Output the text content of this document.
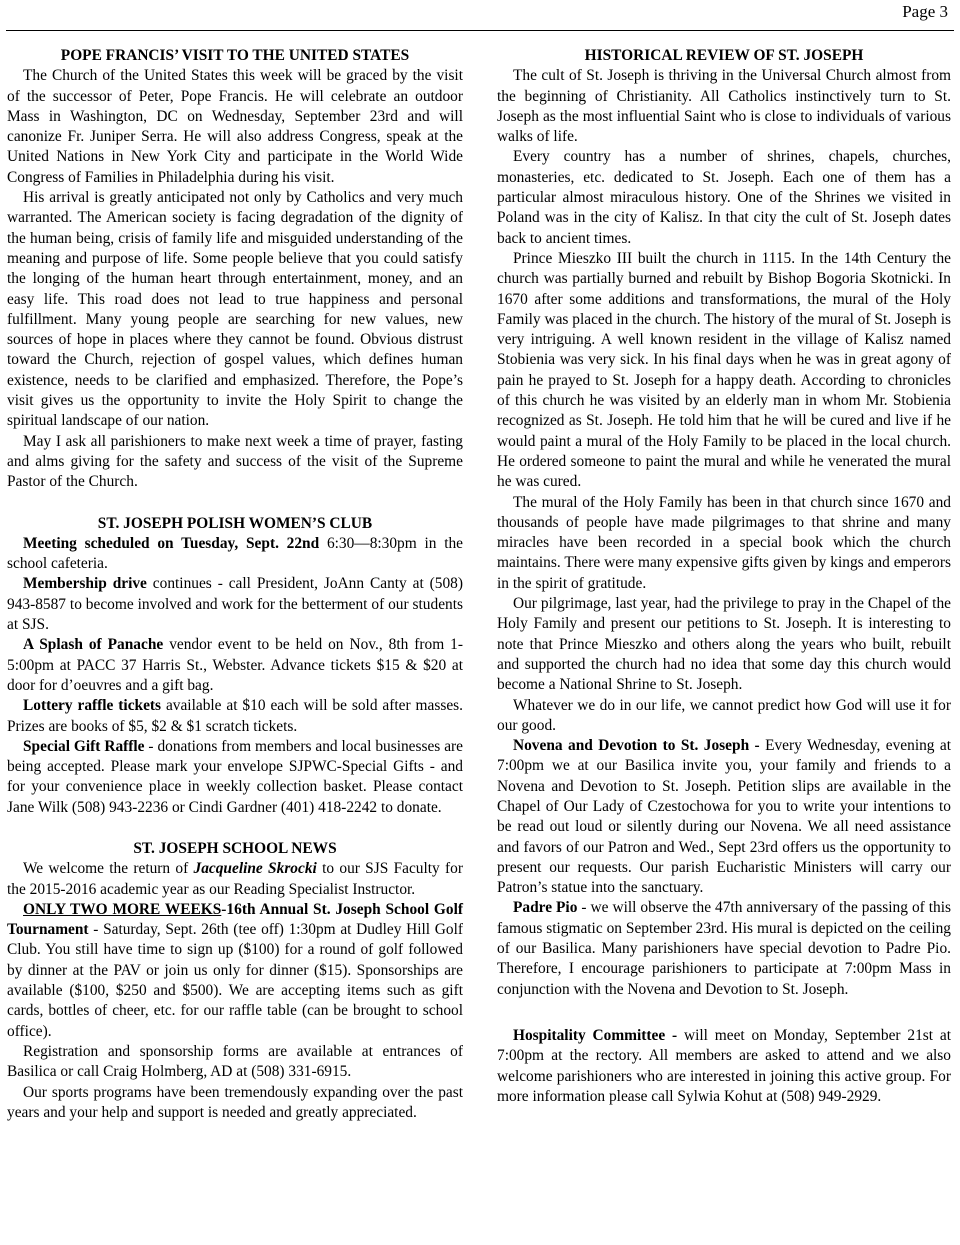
Page 3
POPE FRANCIS’ VISIT TO THE UNITED STATES

The Church of the United States this week will be graced by the visit of the successor of Peter, Pope Francis. He will celebrate an outdoor Mass in Washington, DC on Wednesday, September 23rd and will canonize Fr. Juniper Serra. He will also address Congress, speak at the United Nations in New York City and participate in the World Wide Congress of Families in Philadelphia during his visit.

His arrival is greatly anticipated not only by Catholics and very much warranted. The American society is facing degradation of the dignity of the human being, crisis of family life and misguided understanding of the meaning and purpose of life. Some people believe that you could satisfy the longing of the human heart through entertainment, money, and an easy life. This road does not lead to true happiness and personal fulfillment. Many young people are searching for new values, new sources of hope in places where they cannot be found. Obvious distrust toward the Church, rejection of gospel values, which defines human existence, needs to be clarified and emphasized. Therefore, the Pope’s visit gives us the opportunity to invite the Holy Spirit to change the spiritual landscape of our nation.

May I ask all parishioners to make next week a time of prayer, fasting and alms giving for the safety and success of the visit of the Supreme Pastor of the Church.

ST. JOSEPH POLISH WOMEN’S CLUB

Meeting scheduled on Tuesday, Sept. 22nd 6:30—8:30pm in the school cafeteria.

Membership drive continues - call President, JoAnn Canty at (508) 943-8587 to become involved and work for the betterment of our students at SJS.

A Splash of Panache vendor event to be held on Nov., 8th from 1-5:00pm at PACC 37 Harris St., Webster. Advance tickets $15 & $20 at door for d’oeuvres and a gift bag.

Lottery raffle tickets available at $10 each will be sold after masses. Prizes are books of $5, $2 & $1 scratch tickets.

Special Gift Raffle - donations from members and local businesses are being accepted. Please mark your envelope SJPWC-Special Gifts - and for your convenience place in weekly collection basket. Please contact Jane Wilk (508) 943-2236 or Cindi Gardner (401) 418-2242 to donate.

ST. JOSEPH SCHOOL NEWS

We welcome the return of Jacqueline Skrocki to our SJS Faculty for the 2015-2016 academic year as our Reading Specialist Instructor.

ONLY TWO MORE WEEKS-16th Annual St. Joseph School Golf Tournament - Saturday, Sept. 26th (tee off) 1:30pm at Dudley Hill Golf Club. You still have time to sign up ($100) for a round of golf followed by dinner at the PAV or join us only for dinner ($15). Sponsorships are available ($100, $250 and $500). We are accepting items such as gift cards, bottles of cheer, etc. for our raffle table (can be brought to school office).

Registration and sponsorship forms are available at entrances of Basilica or call Craig Holmberg, AD at (508) 331-6915.

Our sports programs have been tremendously expanding over the past years and your help and support is needed and greatly appreciated.

HISTORICAL REVIEW OF ST. JOSEPH

The cult of St. Joseph is thriving in the Universal Church almost from the beginning of Christianity. All Catholics instinctively turn to St. Joseph as the most influential Saint who is close to individuals of various walks of life.

Every country has a number of shrines, chapels, churches, monasteries, etc. dedicated to St. Joseph. Each one of them has a particular almost miraculous history. One of the Shrines we visited in Poland was in the city of Kalisz. In that city the cult of St. Joseph dates back to ancient times.

Prince Mieszko III built the church in 1115. In the 14th Century the church was partially burned and rebuilt by Bishop Bogoria Skotnicki. In 1670 after some additions and transformations, the mural of the Holy Family was placed in the church. The history of the mural of St. Joseph is very intriguing. A well known resident in the village of Kalisz named Stobienia was very sick. In his final days when he was in great agony of pain he prayed to St. Joseph for a happy death. According to chronicles of this church he was visited by an elderly man in whom Mr. Stobienia recognized as St. Joseph. He told him that he will be cured and live if he would paint a mural of the Holy Family to be placed in the local church. He ordered someone to paint the mural and while he venerated the mural he was cured.

The mural of the Holy Family has been in that church since 1670 and thousands of people have made pilgrimages to that shrine and many miracles have been recorded in a special book which the church maintains. There were many expensive gifts given by kings and emperors in the spirit of gratitude.

Our pilgrimage, last year, had the privilege to pray in the Chapel of the Holy Family and present our petitions to St. Joseph. It is interesting to note that Prince Mieszko and others along the years who built, rebuilt and supported the church had no idea that some day this church would become a National Shrine to St. Joseph.

Whatever we do in our life, we cannot predict how God will use it for our good.

Novena and Devotion to St. Joseph - Every Wednesday, evening at 7:00pm we at our Basilica invite you, your family and friends to a Novena and Devotion to St. Joseph. Petition slips are available in the Chapel of Our Lady of Czestochowa for you to write your intentions to be read out loud or silently during our Novena. We all need assistance and favors of our Patron and Wed., Sept 23rd offers us the opportunity to present our requests. Our parish Eucharistic Ministers will carry our Patron’s statue into the sanctuary.

Padre Pio - we will observe the 47th anniversary of the passing of this famous stigmatic on September 23rd. His mural is depicted on the ceiling of our Basilica. Many parishioners have special devotion to Padre Pio. Therefore, I encourage parishioners to participate at 7:00pm Mass in conjunction with the Novena and Devotion to St. Joseph.

Hospitality Committee - will meet on Monday, September 21st at 7:00pm at the rectory. All members are asked to attend and we also welcome parishioners who are interested in joining this active group. For more information please call Sylwia Kohut at (508) 949-2929.
